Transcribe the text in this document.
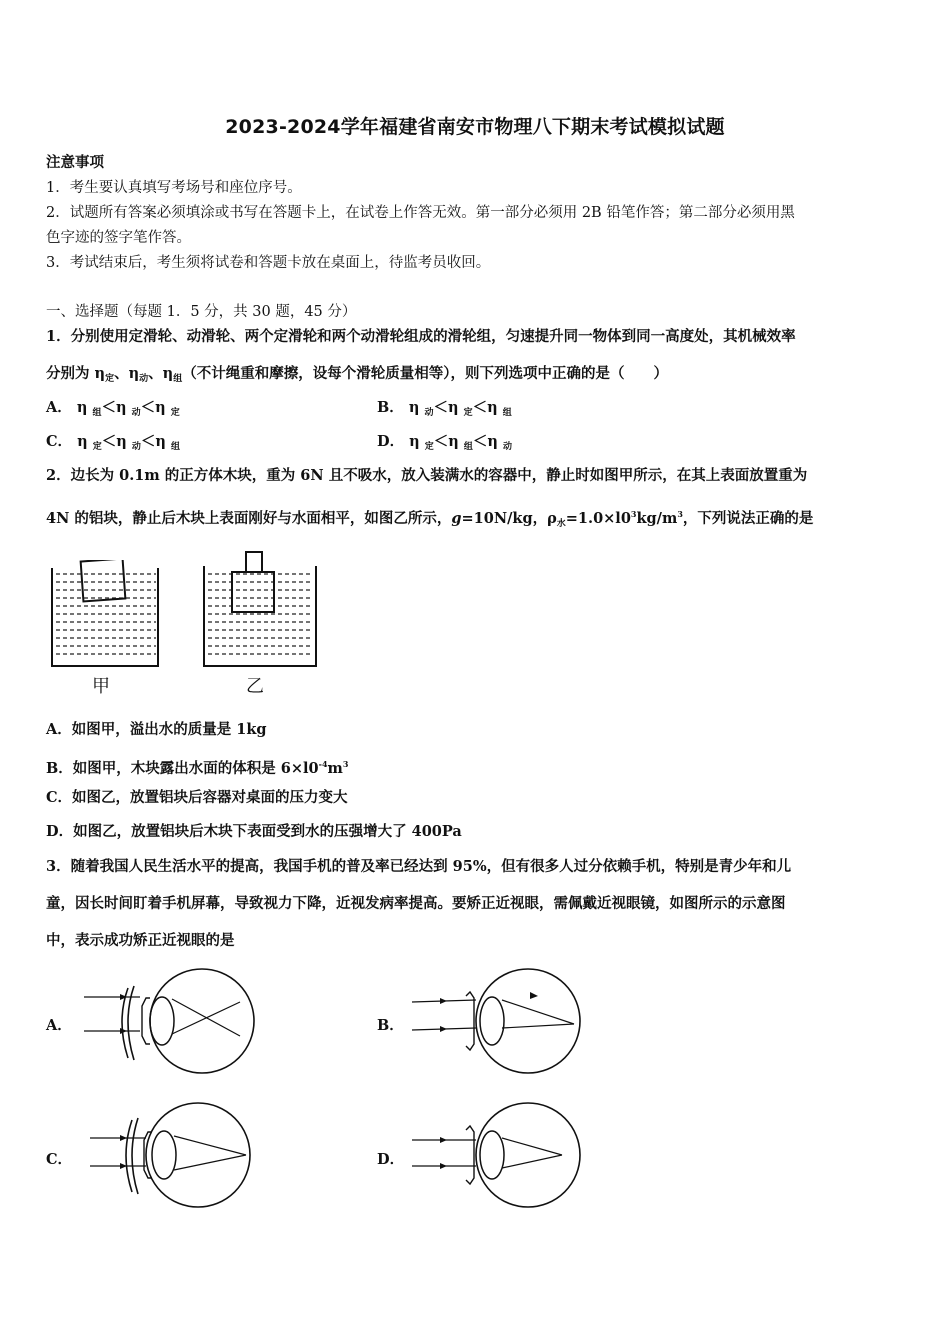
2023-2024学年福建省南安市物理八下期末考试模拟试题
注意事项
1．考生要认真填写考场号和座位序号。
2．试题所有答案必须填涂或书写在答题卡上，在试卷上作答无效。第一部分必须用 2B 铅笔作答；第二部分必须用黑
色字迹的签字笔作答。
3．考试结束后，考生须将试卷和答题卡放在桌面上，待监考员收回。
一、选择题（每题 1．5 分，共 30 题，45 分）
1．分别使用定滑轮、动滑轮、两个定滑轮和两个动滑轮组成的滑轮组，匀速提升同一物体到同一高度处，其机械效率
分别为 $\eta_定$、$\eta_动$、$\eta_组$（不计绳重和摩擦，设每个滑轮质量相等），则下列选项中正确的是（　　）
A． η $_组$＜η $_动$＜η $_定$	B． η $_动$＜η $_定$＜η $_组$
C． η $_定$＜η $_动$＜η $_组$	D． η $_定$＜η $_组$＜η $_动$
2．边长为 0.1m 的正方体木块，重为 6N 且不吸水，放入装满水的容器中，静止时如图甲所示，在其上表面放置重为
4N 的铝块，静止后木块上表面刚好与水面相平，如图乙所示，g=10N/kg，$\rho_水=1.0\times l0^3kg/m^3$，下列说法正确的是
甲	乙
A．如图甲，溢出水的质量是 1kg
B．如图甲，木块露出水面的体积是 $6\times l0^{-4}m^3$
C．如图乙，放置铝块后容器对桌面的压力变大
D．如图乙，放置铝块后木块下表面受到水的压强增大了 400Pa
3．随着我国人民生活水平的提高，我国手机的普及率已经达到 95%，但有很多人过分依赖手机，特别是青少年和儿
童，因长时间盯着手机屏幕，导致视力下降，近视发病率提高。要矫正近视眼，需佩戴近视眼镜，如图所示的示意图
中，表示成功矫正近视眼的是
A．	B．
C．	D．
